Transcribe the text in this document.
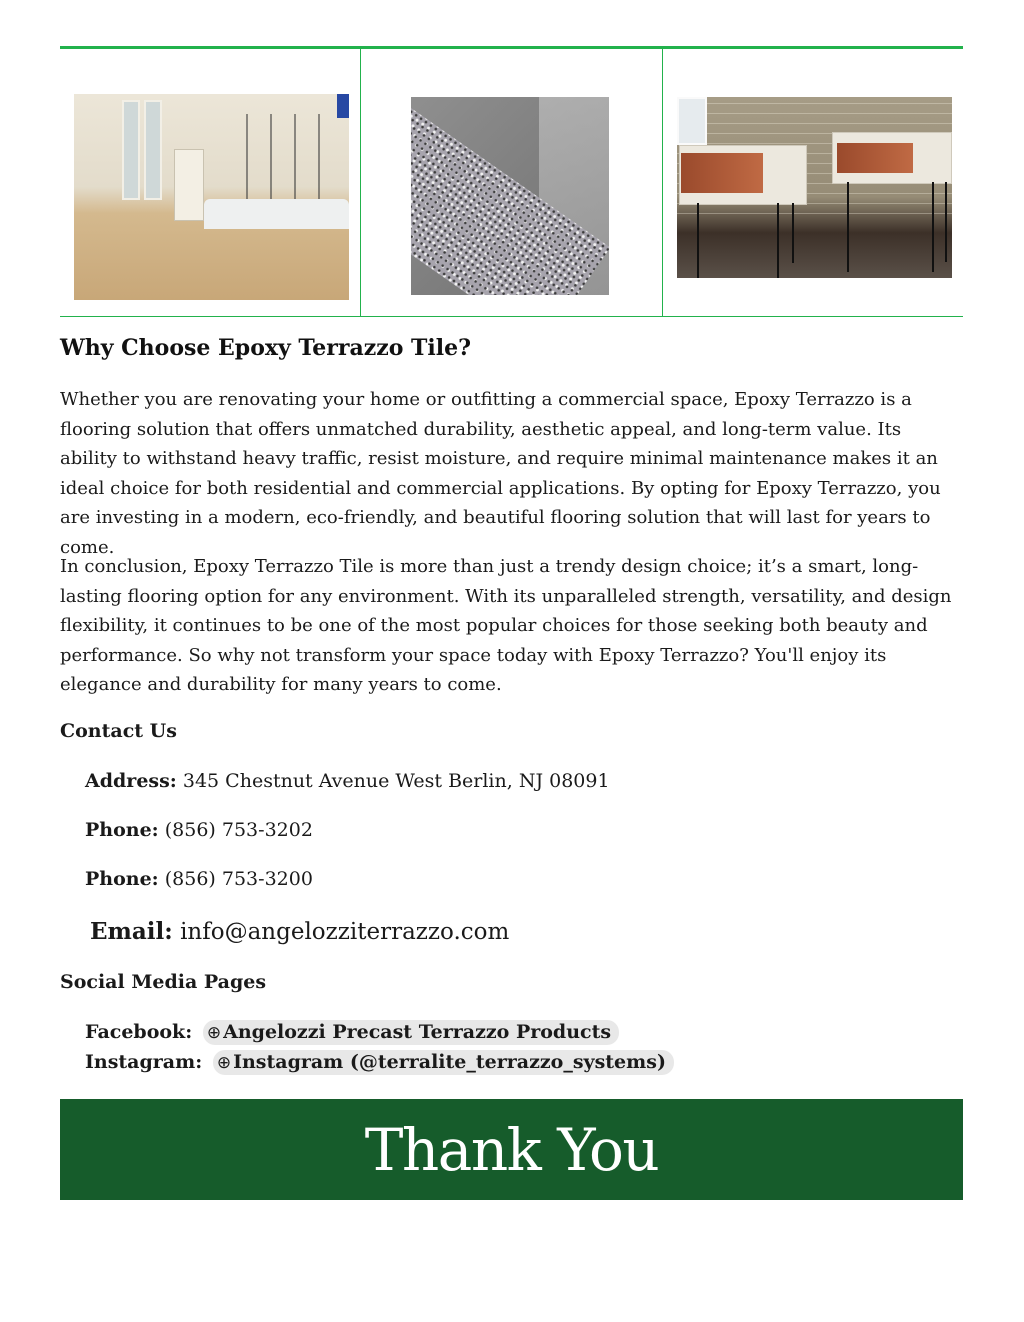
Why Choose Epoxy Terrazzo Tile?

Whether you are renovating your home or outfitting a commercial space, Epoxy Terrazzo is a flooring solution that offers unmatched durability, aesthetic appeal, and long-term value. Its ability to withstand heavy traffic, resist moisture, and require minimal maintenance makes it an ideal choice for both residential and commercial applications. By opting for Epoxy Terrazzo, you are investing in a modern, eco-friendly, and beautiful flooring solution that will last for years to come.

In conclusion, Epoxy Terrazzo Tile is more than just a trendy design choice; it’s a smart, long-lasting flooring option for any environment. With its unparalleled strength, versatility, and design flexibility, it continues to be one of the most popular choices for those seeking both beauty and performance. So why not transform your space today with Epoxy Terrazzo? You'll enjoy its elegance and durability for many years to come.

Contact Us
Address: 345 Chestnut Avenue West Berlin, NJ 08091
Phone: (856) 753-3202
Phone: (856) 753-3200
Email: info@angelozziterrazzo.com
Social Media Pages
Facebook: ⊕ Angelozzi Precast Terrazzo Products
Instagram: ⊕ Instagram (@terralite_terrazzo_systems)
Thank You
